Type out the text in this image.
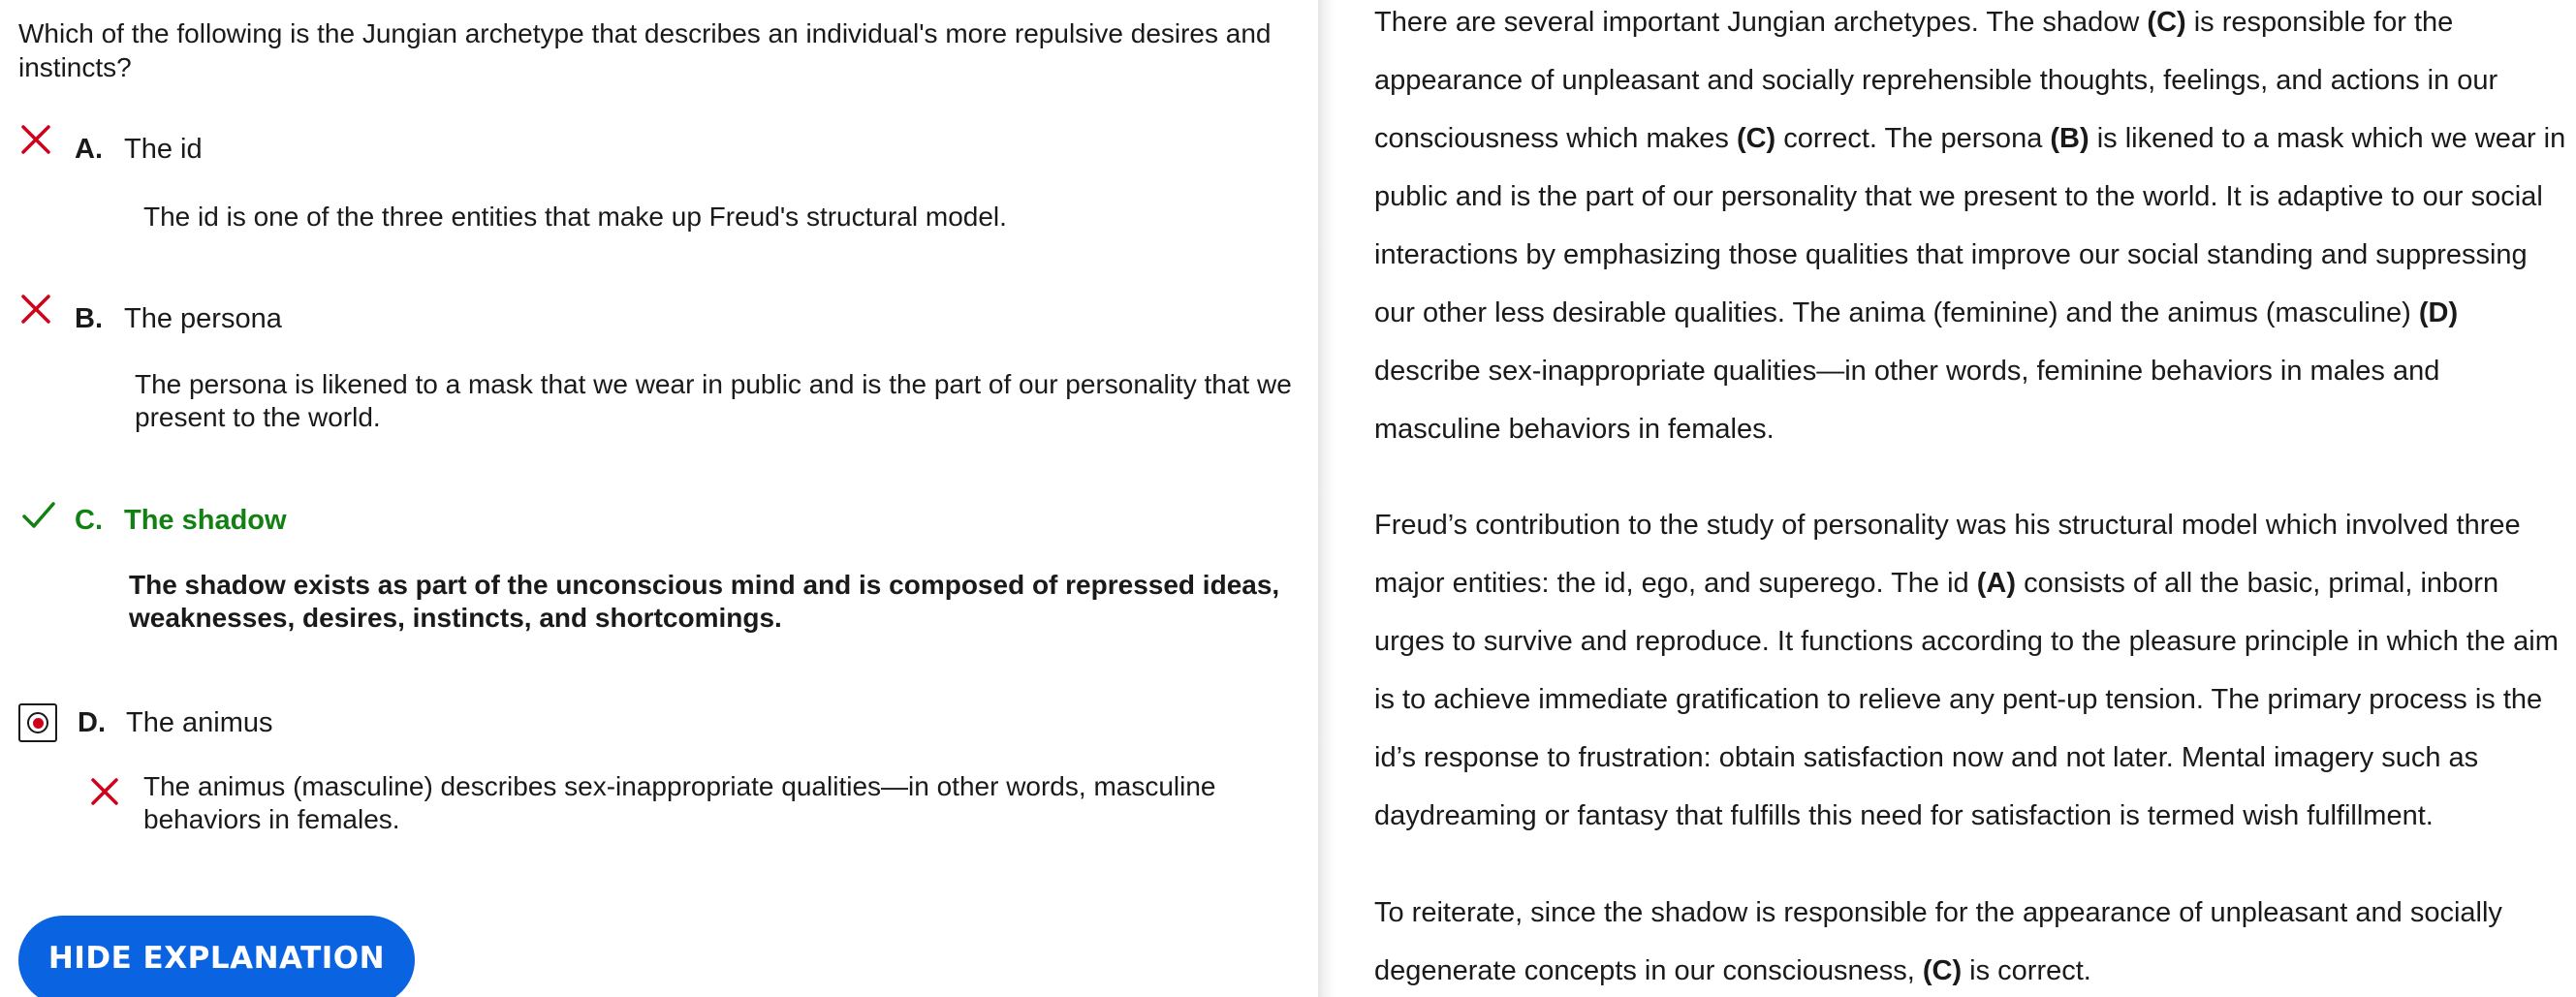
Which of the following is the Jungian archetype that describes an individual's more repulsive desires and instincts?
A. The id
The id is one of the three entities that make up Freud's structural model.
B. The persona
The persona is likened to a mask that we wear in public and is the part of our personality that we present to the world.
C. The shadow
The shadow exists as part of the unconscious mind and is composed of repressed ideas, weaknesses, desires, instincts, and shortcomings.
D. The animus
The animus (masculine) describes sex-inappropriate qualities—in other words, masculine behaviors in females.
HIDE EXPLANATION

There are several important Jungian archetypes. The shadow (C) is responsible for the appearance of unpleasant and socially reprehensible thoughts, feelings, and actions in our consciousness which makes (C) correct. The persona (B) is likened to a mask which we wear in public and is the part of our personality that we present to the world. It is adaptive to our social interactions by emphasizing those qualities that improve our social standing and suppressing our other less desirable qualities. The anima (feminine) and the animus (masculine) (D) describe sex-inappropriate qualities—in other words, feminine behaviors in males and masculine behaviors in females.

Freud’s contribution to the study of personality was his structural model which involved three major entities: the id, ego, and superego. The id (A) consists of all the basic, primal, inborn urges to survive and reproduce. It functions according to the pleasure principle in which the aim is to achieve immediate gratification to relieve any pent-up tension. The primary process is the id’s response to frustration: obtain satisfaction now and not later. Mental imagery such as daydreaming or fantasy that fulfills this need for satisfaction is termed wish fulfillment.

To reiterate, since the shadow is responsible for the appearance of unpleasant and socially degenerate concepts in our consciousness, (C) is correct.
